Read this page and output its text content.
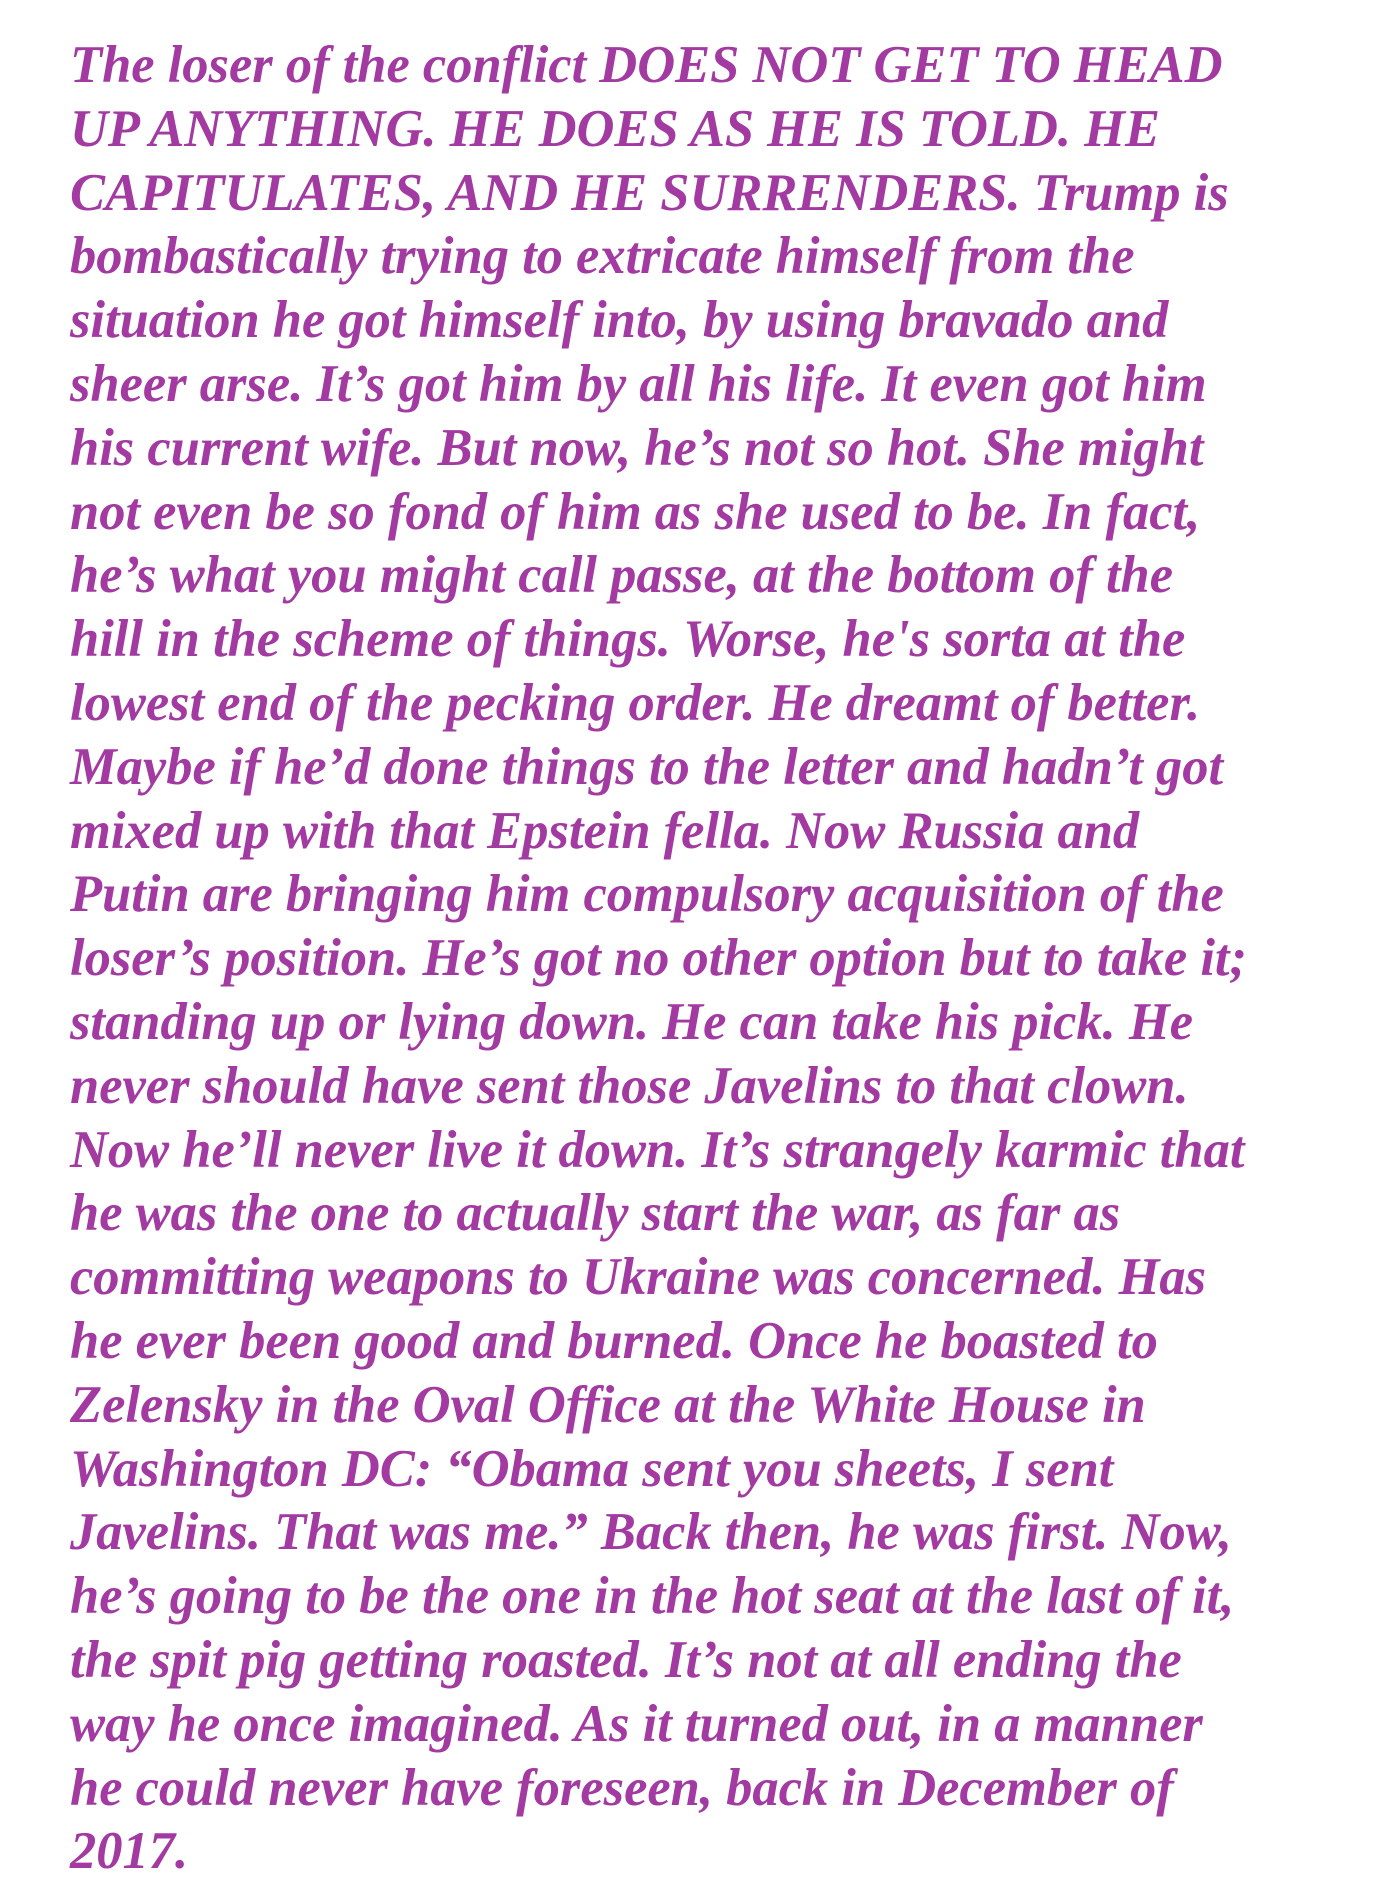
The loser of the conflict DOES NOT GET TO HEAD
UP ANYTHING. HE DOES AS HE IS TOLD. HE
CAPITULATES, AND HE SURRENDERS. Trump is
bombastically trying to extricate himself from the
situation he got himself into, by using bravado and
sheer arse. It’s got him by all his life. It even got him
his current wife. But now, he’s not so hot. She might
not even be so fond of him as she used to be. In fact,
he’s what you might call passe, at the bottom of the
hill in the scheme of things. Worse, he's sorta at the
lowest end of the pecking order. He dreamt of better.
Maybe if he’d done things to the letter and hadn’t got
mixed up with that Epstein fella. Now Russia and
Putin are bringing him compulsory acquisition of the
loser’s position. He’s got no other option but to take it;
standing up or lying down. He can take his pick. He
never should have sent those Javelins to that clown.
Now he’ll never live it down. It’s strangely karmic that
he was the one to actually start the war, as far as
committing weapons to Ukraine was concerned. Has
he ever been good and burned. Once he boasted to
Zelensky in the Oval Office at the White House in
Washington DC: “Obama sent you sheets, I sent
Javelins. That was me.” Back then, he was first. Now,
he’s going to be the one in the hot seat at the last of it,
the spit pig getting roasted. It’s not at all ending the
way he once imagined. As it turned out, in a manner
he could never have foreseen, back in December of
2017.
